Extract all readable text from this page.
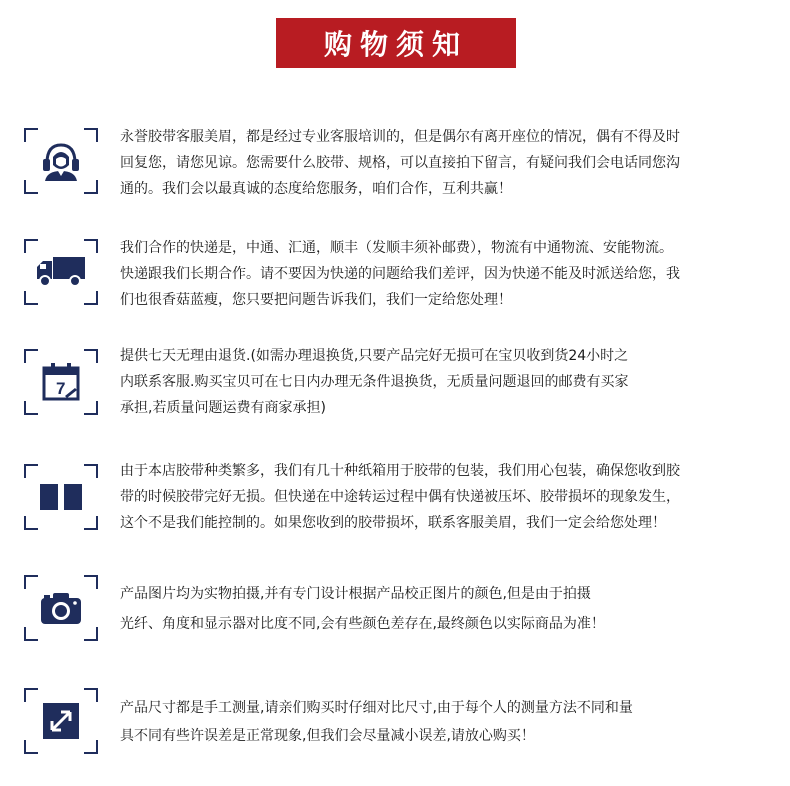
购物须知

永誉胶带客服美眉，都是经过专业客服培训的，但是偶尔有离开座位的情况，偶有不得及时
回复您，请您见谅。您需要什么胶带、规格，可以直接拍下留言，有疑问我们会电话同您沟
通的。我们会以最真诚的态度给您服务，咱们合作，互利共赢！

我们合作的快递是，中通、汇通，顺丰（发顺丰须补邮费），物流有中通物流、安能物流。
快递跟我们长期合作。请不要因为快递的问题给我们差评，因为快递不能及时派送给您，我
们也很香菇蓝瘦，您只要把问题告诉我们，我们一定给您处理！

7

提供七天无理由退货.(如需办理退换货,只要产品完好无损可在宝贝收到货24小时之
内联系客服.购买宝贝可在七日内办理无条件退换货，无质量问题退回的邮费有买家
承担,若质量问题运费有商家承担)

由于本店胶带种类繁多，我们有几十种纸箱用于胶带的包装，我们用心包装，确保您收到胶
带的时候胶带完好无损。但快递在中途转运过程中偶有快递被压坏、胶带损坏的现象发生，
这个不是我们能控制的。如果您收到的胶带损坏，联系客服美眉，我们一定会给您处理！

产品图片均为实物拍摄,并有专门设计根据产品校正图片的颜色,但是由于拍摄
光纤、角度和显示器对比度不同,会有些颜色差存在,最终颜色以实际商品为准！

产品尺寸都是手工测量,请亲们购买时仔细对比尺寸,由于每个人的测量方法不同和量
具不同有些许误差是正常现象,但我们会尽量减小误差,请放心购买！
